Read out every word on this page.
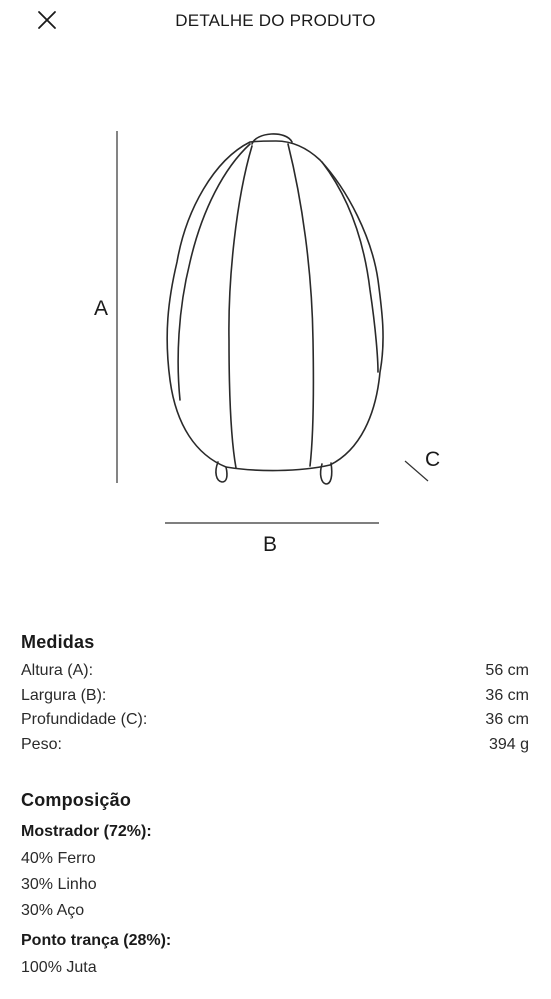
DETALHE DO PRODUTO
A
B
C
Medidas
Altura (A):	56 cm
Largura (B):	36 cm
Profundidade (C):	36 cm
Peso:	394 g
Composição
Mostrador (72%):
40% Ferro
30% Linho
30% Aço
Ponto trança (28%):
100% Juta
